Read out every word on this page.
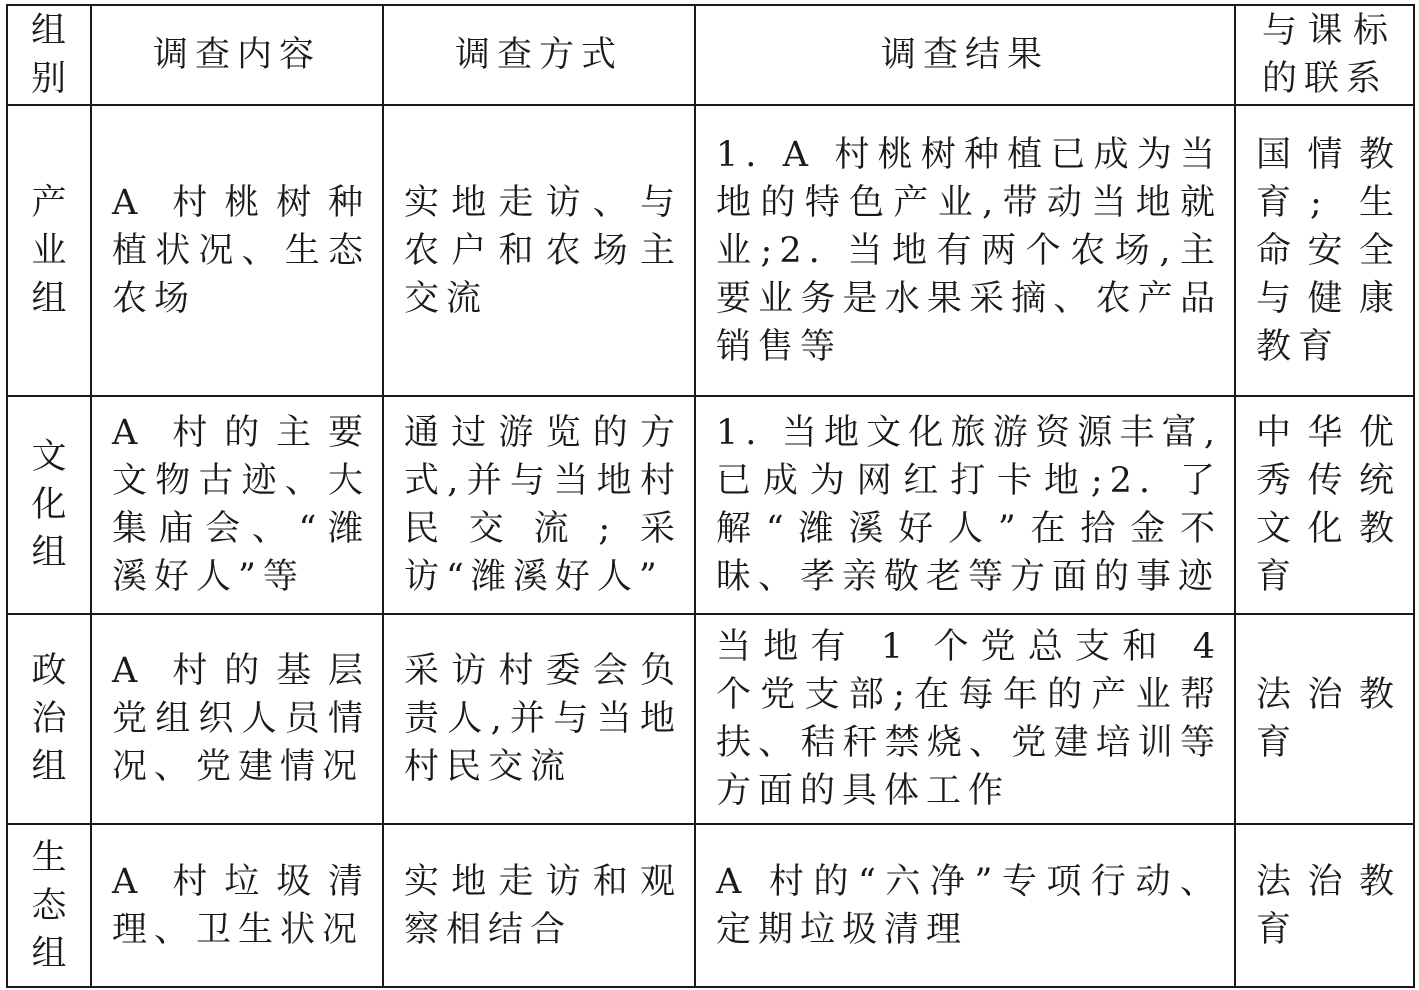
组别	调查内容	调查方式	调查结果	与课标的联系
产业组	A 村桃树种植状况、生态农场	实地走访、与农户和农场主交流	1. A 村桃树种植已成为当地的特色产业,带动当地就业;2. 当地有两个农场,主要业务是水果采摘、农产品销售等	国情教育; 生命安全与健康教育
文化组	A 村的主要文物古迹、大集庙会、“潍溪好人”等	通过游览的方式,并与当地村民交流;采访“潍溪好人”	1. 当地文化旅游资源丰富,已成为网红打卡地;2. 了解“潍溪好人”在拾金不昧、孝亲敬老等方面的事迹	中华优秀传统文化教育
政治组	A 村的基层党组织人员情况、党建情况	采访村委会负责人,并与当地村民交流	当地有 1 个党总支和 4 个党支部;在每年的产业帮扶、秸秆禁烧、党建培训等方面的具体工作	法治教育
生态组	A 村垃圾清理、卫生状况	实地走访和观察相结合	A 村的“六净”专项行动、定期垃圾清理	法治教育
